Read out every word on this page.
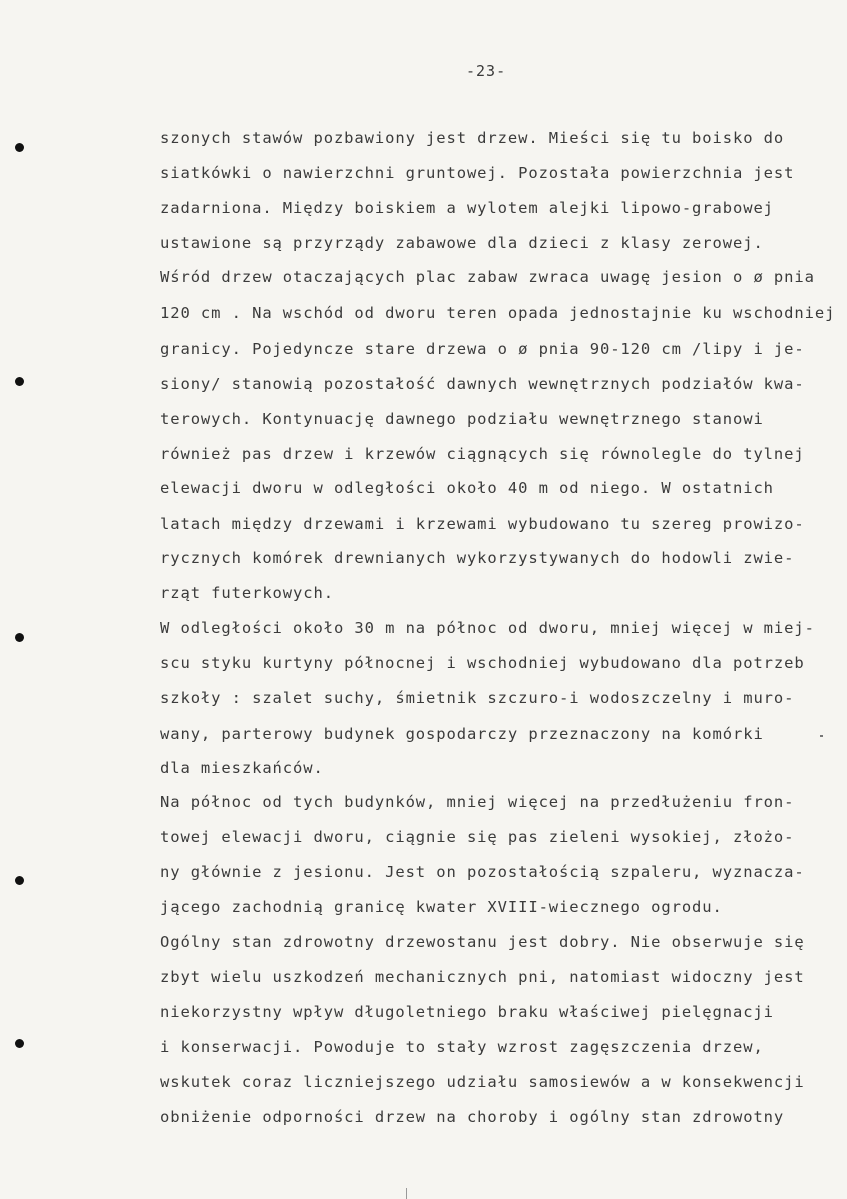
-23-
szonych stawów pozbawiony jest drzew. Mieści się tu boisko do
siatkówki o nawierzchni gruntowej. Pozostała powierzchnia jest
zadarniona. Między boiskiem a wylotem alejki lipowo-grabowej
ustawione są przyrządy zabawowe dla dzieci z klasy zerowej.
Wśród drzew otaczających plac zabaw zwraca uwagę jesion o ø pnia
120 cm . Na wschód od dworu teren opada jednostajnie ku wschodniej
granicy. Pojedyncze stare drzewa o ø pnia 90-120 cm /lipy i je-
siony/ stanowią pozostałość dawnych wewnętrznych podziałów kwa-
terowych. Kontynuację dawnego podziału wewnętrznego stanowi
również pas drzew i krzewów ciągnących się równolegle do tylnej
elewacji dworu w odległości około 40 m od niego. W ostatnich
latach między drzewami i krzewami wybudowano tu szereg prowizo-
rycznych komórek drewnianych wykorzystywanych do hodowli zwie-
rząt futerkowych.
W odległości około 30 m na północ od dworu, mniej więcej w miej-
scu styku kurtyny północnej i wschodniej wybudowano dla potrzeb
szkoły : szalet suchy, śmietnik szczuro-i wodoszczelny i muro-
wany, parterowy budynek gospodarczy przeznaczony na komórki
dla mieszkańców.
Na północ od tych budynków, mniej więcej na przedłużeniu fron-
towej elewacji dworu, ciągnie się pas zieleni wysokiej, złożo-
ny głównie z jesionu. Jest on pozostałością szpaleru, wyznacza-
jącego zachodnią granicę kwater XVIII-wiecznego ogrodu.
Ogólny stan zdrowotny drzewostanu jest dobry. Nie obserwuje się
zbyt wielu uszkodzeń mechanicznych pni, natomiast widoczny jest
niekorzystny wpływ długoletniego braku właściwej pielęgnacji
i konserwacji. Powoduje to stały wzrost zagęszczenia drzew,
wskutek coraz liczniejszego udziału samosiewów a w konsekwencji
obniżenie odporności drzew na choroby i ogólny stan zdrowotny
